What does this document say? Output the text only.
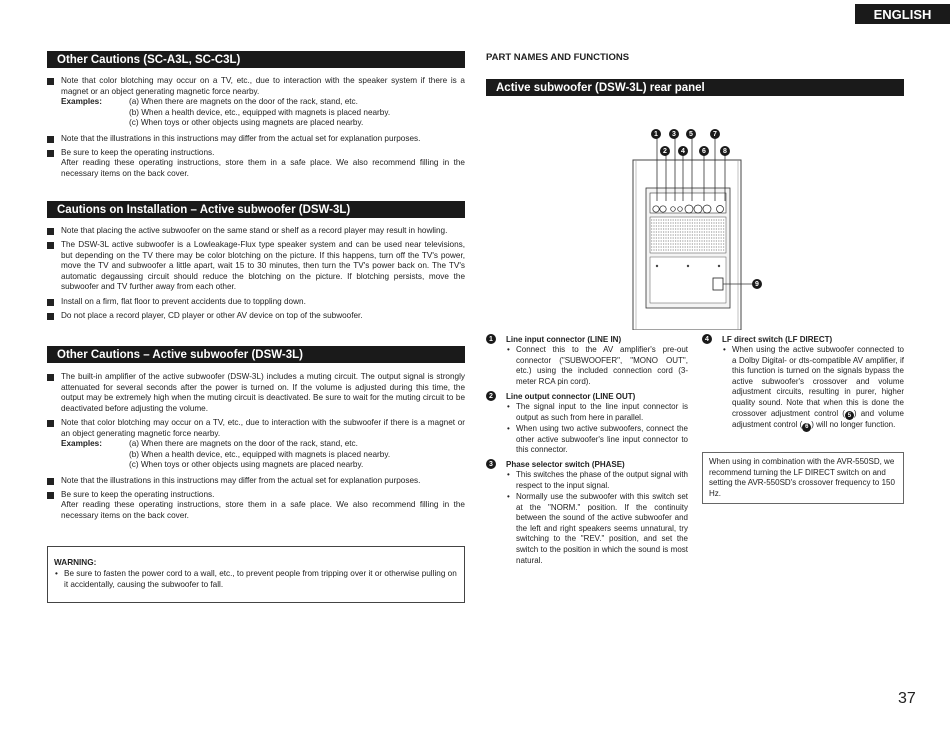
ENGLISH
Other Cautions (SC-A3L, SC-C3L)
Note that color blotching may occur on a TV, etc., due to interaction with the speaker system if there is a magnet or an object generating magnetic force nearby.
Examples:	(a) When there are magnets on the door of the rack, stand, etc.
(b) When a health device, etc., equipped with magnets is placed nearby.
(c) When toys or other objects using magnets are placed nearby.
Note that the illustrations in this instructions may differ from the actual set for explanation purposes.
Be sure to keep the operating instructions.
After reading these operating instructions, store them in a safe place. We also recommend filling in the necessary items on the back cover.
Cautions on Installation – Active subwoofer (DSW-3L)
Note that placing the active subwoofer on the same stand or shelf as a record player may result in howling.
The DSW-3L active subwoofer is a Lowleakage-Flux type speaker system and can be used near televisions, but depending on the TV there may be color blotching on the picture. If this happens, turn off the TV's power, move the TV and subwoofer a little apart, wait 15 to 30 minutes, then turn the TV's power back on. The TV's automatic degaussing circuit should reduce the blotching on the picture. If blotching persists, move the subwoofer and TV further away from each other.
Install on a firm, flat floor to prevent accidents due to toppling down.
Do not place a record player, CD player or other AV device on top of the subwoofer.
Other Cautions – Active subwoofer (DSW-3L)
The built-in amplifier of the active subwoofer (DSW-3L) includes a muting circuit. The output signal is strongly attenuated for several seconds after the power is turned on. If the volume is adjusted during this time, the output may be extremely high when the muting circuit is deactivated. Be sure to wait for the muting circuit to be deactivated before adjusting the volume.
Note that color blotching may occur on a TV, etc., due to interaction with the subwoofer if there is a magnet or an object generating magnetic force nearby.
Examples:	(a) When there are magnets on the door of the rack, stand, etc.
(b) When a health device, etc., equipped with magnets is placed nearby.
(c) When toys or other objects using magnets are placed nearby.
Note that the illustrations in this instructions may differ from the actual set for explanation purposes.
Be sure to keep the operating instructions.
After reading these operating instructions, store them in a safe place. We also recommend filling in the necessary items on the back cover.
WARNING:
• Be sure to fasten the power cord to a wall, etc., to prevent people from tripping over it or otherwise pulling on it accidentally, causing the subwoofer to fall.
PART NAMES AND FUNCTIONS
Active subwoofer (DSW-3L) rear panel
1	3	5	7
2	4	6	8
9
1	Line input connector (LINE IN)
• Connect this to the AV amplifier's pre-out connector ("SUBWOOFER", "MONO OUT", etc.) using the included connection cord (3-meter RCA pin cord).
2	Line output connector (LINE OUT)
• The signal input to the line input connector is output as such from here in parallel.
• When using two active subwoofers, connect the other active subwoofer's line input connector to this connector.
3	Phase selector switch (PHASE)
• This switches the phase of the output signal with respect to the input signal.
• Normally use the subwoofer with this switch set at the "NORM." position. If the continuity between the sound of the active subwoofer and the left and right speakers seems unnatural, try switching to the "REV." position, and set the switch to the position in which the sound is most natural.
4	LF direct switch (LF DIRECT)
• When using the active subwoofer connected to a Dolby Digital- or dts-compatible AV amplifier, if this function is turned on the signals bypass the active subwoofer's crossover and volume adjustment circuits, resulting in purer, higher quality sound. Note that when this is done the crossover adjustment control ( 5 ) and volume adjustment control ( 6 ) will no longer function.
When using in combination with the AVR-550SD, we recommend turning the LF DIRECT switch on and setting the AVR-550SD's crossover frequency to 150 Hz.
37
